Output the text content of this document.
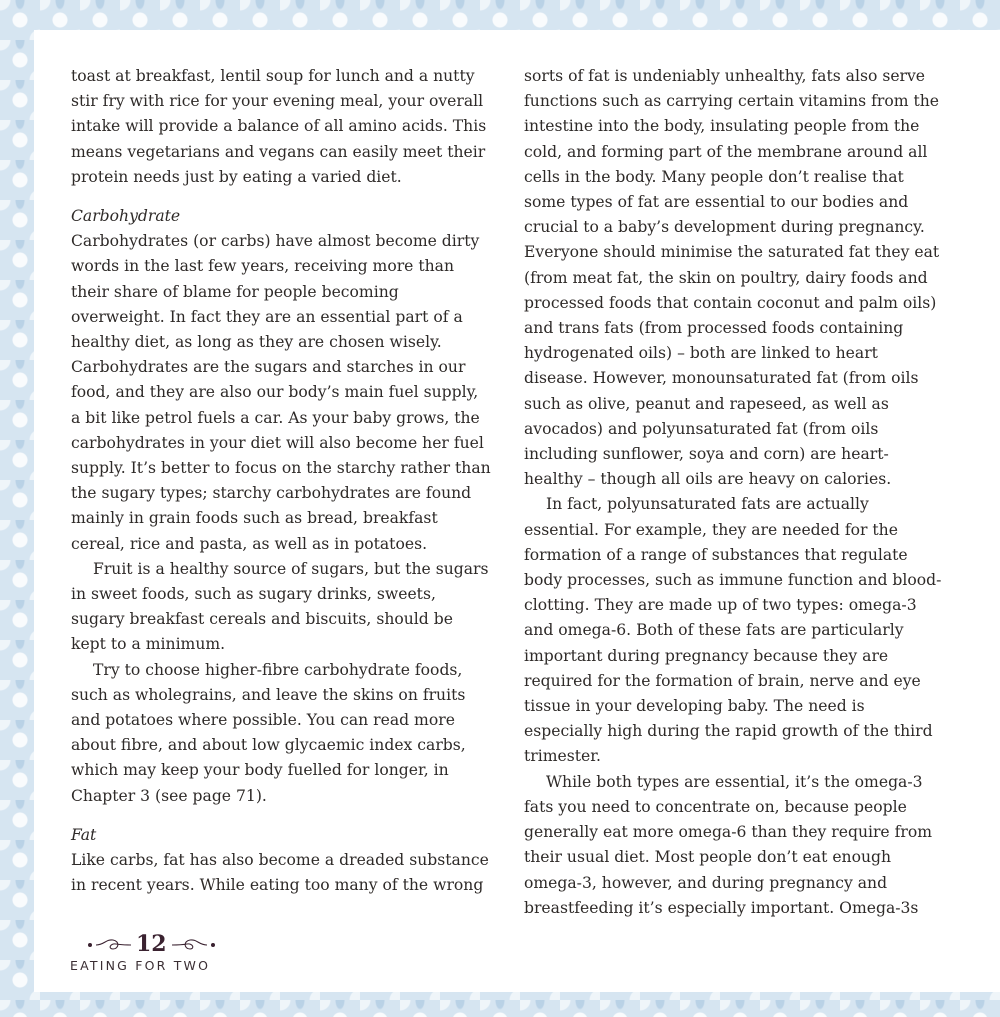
toast at breakfast, lentil soup for lunch and a nutty stir fry with rice for your evening meal, your overall intake will provide a balance of all amino acids. This means vegetarians and vegans can easily meet their protein needs just by eating a varied diet.

Carbohydrate

Carbohydrates (or carbs) have almost become dirty words in the last few years, receiving more than their share of blame for people becoming overweight. In fact they are an essential part of a healthy diet, as long as they are chosen wisely. Carbohydrates are the sugars and starches in our food, and they are also our body’s main fuel supply, a bit like petrol fuels a car. As your baby grows, the carbohydrates in your diet will also become her fuel supply. It’s better to focus on the starchy rather than the sugary types; starchy carbohydrates are found mainly in grain foods such as bread, breakfast cereal, rice and pasta, as well as in potatoes.

Fruit is a healthy source of sugars, but the sugars in sweet foods, such as sugary drinks, sweets, sugary breakfast cereals and biscuits, should be kept to a minimum.

Try to choose higher-fibre carbohydrate foods, such as wholegrains, and leave the skins on fruits and potatoes where possible. You can read more about fibre, and about low glycaemic index carbs, which may keep your body fuelled for longer, in Chapter 3 (see page 71).

Fat

Like carbs, fat has also become a dreaded substance in recent years. While eating too many of the wrong

sorts of fat is undeniably unhealthy, fats also serve functions such as carrying certain vitamins from the intestine into the body, insulating people from the cold, and forming part of the membrane around all cells in the body. Many people don’t realise that some types of fat are essential to our bodies and crucial to a baby’s development during pregnancy. Everyone should minimise the saturated fat they eat (from meat fat, the skin on poultry, dairy foods and processed foods that contain coconut and palm oils) and trans fats (from processed foods containing hydrogenated oils) – both are linked to heart disease. However, monounsaturated fat (from oils such as olive, peanut and rapeseed, as well as avocados) and polyunsaturated fat (from oils including sunflower, soya and corn) are heart-healthy – though all oils are heavy on calories.

In fact, polyunsaturated fats are actually essential. For example, they are needed for the formation of a range of substances that regulate body processes, such as immune function and blood-clotting. They are made up of two types: omega-3 and omega-6. Both of these fats are particularly important during pregnancy because they are required for the formation of brain, nerve and eye tissue in your developing baby. The need is especially high during the rapid growth of the third trimester.

While both types are essential, it’s the omega-3 fats you need to concentrate on, because people generally eat more omega-6 than they require from their usual diet. Most people don’t eat enough omega-3, however, and during pregnancy and breastfeeding it’s especially important. Omega-3s

12
EATING FOR TWO
